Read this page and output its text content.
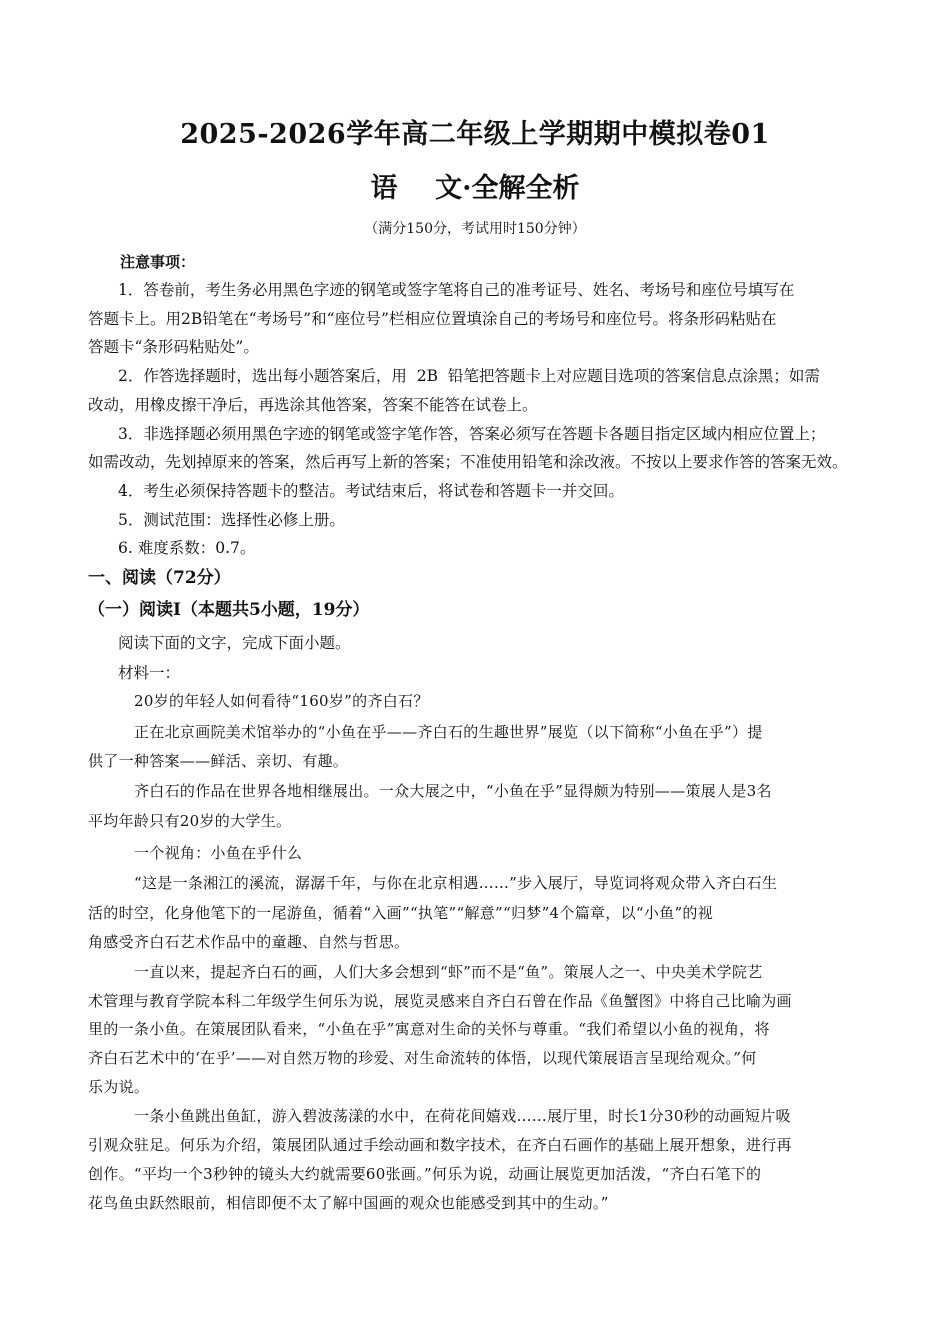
2025-2026学年高二年级上学期期中模拟卷01
语    文·全解全析
（满分150分，考试用时150分钟）
注意事项：
1．答卷前，考生务必用黑色字迹的钢笔或签字笔将自己的准考证号、姓名、考场号和座位号填写在
答题卡上。用2B铅笔在“考场号”和“座位号”栏相应位置填涂自己的考场号和座位号。将条形码粘贴在
答题卡“条形码粘贴处”。
2．作答选择题时，选出每小题答案后，用  2B  铅笔把答题卡上对应题目选项的答案信息点涂黑；如需
改动，用橡皮擦干净后，再选涂其他答案，答案不能答在试卷上。
3．非选择题必须用黑色字迹的钢笔或签字笔作答，答案必须写在答题卡各题目指定区域内相应位置上；
如需改动，先划掉原来的答案，然后再写上新的答案；不准使用铅笔和涂改液。不按以上要求作答的答案无效。
4．考生必须保持答题卡的整洁。考试结束后，将试卷和答题卡一并交回。
5．测试范围：选择性必修上册。
6. 难度系数：0.7。
一、阅读（72分）
（一）阅读Ⅰ（本题共5小题，19分）
阅读下面的文字，完成下面小题。
材料一：
20岁的年轻人如何看待“160岁”的齐白石？
正在北京画院美术馆举办的“小鱼在乎——齐白石的生趣世界”展览（以下简称“小鱼在乎”）提
供了一种答案——鲜活、亲切、有趣。
齐白石的作品在世界各地相继展出。一众大展之中，“小鱼在乎”显得颇为特别——策展人是3名
平均年龄只有20岁的大学生。
一个视角：小鱼在乎什么
“这是一条湘江的溪流，潺潺千年，与你在北京相遇……”步入展厅，导览词将观众带入齐白石生
活的时空，化身他笔下的一尾游鱼，循着“入画”“执笔”“解意”“归梦”4个篇章，以“小鱼”的视
角感受齐白石艺术作品中的童趣、自然与哲思。
一直以来，提起齐白石的画，人们大多会想到“虾”而不是“鱼”。策展人之一、中央美术学院艺
术管理与教育学院本科二年级学生何乐为说，展览灵感来自齐白石曾在作品《鱼蟹图》中将自己比喻为画
里的一条小鱼。在策展团队看来，“小鱼在乎”寓意对生命的关怀与尊重。“我们希望以小鱼的视角，将
齐白石艺术中的‘在乎’——对自然万物的珍爱、对生命流转的体悟，以现代策展语言呈现给观众。”何
乐为说。
一条小鱼跳出鱼缸，游入碧波荡漾的水中，在荷花间嬉戏……展厅里，时长1分30秒的动画短片吸
引观众驻足。何乐为介绍，策展团队通过手绘动画和数字技术，在齐白石画作的基础上展开想象，进行再
创作。“平均一个3秒钟的镜头大约就需要60张画。”何乐为说，动画让展览更加活泼，“齐白石笔下的
花鸟鱼虫跃然眼前，相信即便不太了解中国画的观众也能感受到其中的生动。”
